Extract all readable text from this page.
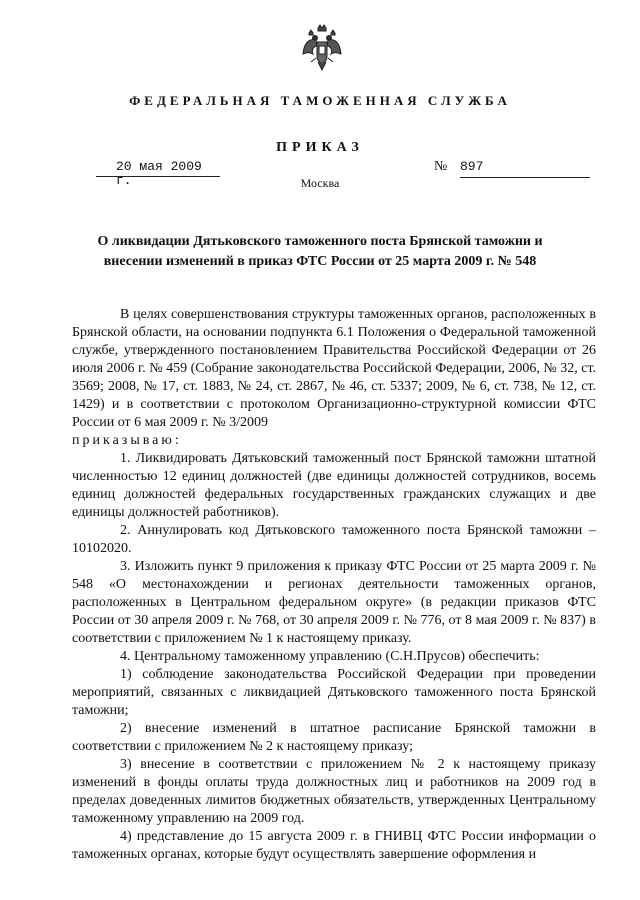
ФЕДЕРАЛЬНАЯ ТАМОЖЕННАЯ СЛУЖБА
ПРИКАЗ
20 мая 2009 г.
№ 897
Москва
О ликвидации Дятьковского таможенного поста Брянской таможни и внесении изменений в приказ ФТС России от 25 марта 2009 г. № 548

В целях совершенствования структуры таможенных органов, расположенных в Брянской области, на основании подпункта 6.1 Положения о Федеральной таможенной службе, утвержденного постановлением Правительства Российской Федерации от 26 июля 2006 г. № 459 (Собрание законодательства Российской Федерации, 2006, № 32, ст. 3569; 2008, № 17, ст. 1883, № 24, ст. 2867, № 46, ст. 5337; 2009, № 6, ст. 738, № 12, ст. 1429) и в соответствии с протоколом Организационно-структурной комиссии ФТС России от 6 мая 2009 г. № 3/2009

приказываю:

1. Ликвидировать Дятьковский таможенный пост Брянской таможни штатной численностью 12 единиц должностей (две единицы должностей сотрудников, восемь единиц должностей федеральных государственных гражданских служащих и две единицы должностей работников).

2. Аннулировать код Дятьковского таможенного поста Брянской таможни – 10102020.

3. Изложить пункт 9 приложения к приказу ФТС России от 25 марта 2009 г. № 548 «О местонахождении и регионах деятельности таможенных органов, расположенных в Центральном федеральном округе» (в редакции приказов ФТС России от 30 апреля 2009 г. № 768, от 30 апреля 2009 г. № 776, от 8 мая 2009 г. № 837) в соответствии с приложением № 1 к настоящему приказу.

4. Центральному таможенному управлению (С.Н.Прусов) обеспечить:

1) соблюдение законодательства Российской Федерации при проведении мероприятий, связанных с ликвидацией Дятьковского таможенного поста Брянской таможни;

2) внесение изменений в штатное расписание Брянской таможни в соответствии с приложением № 2 к настоящему приказу;

3) внесение в соответствии с приложением № 2 к настоящему приказу изменений в фонды оплаты труда должностных лиц и работников на 2009 год в пределах доведенных лимитов бюджетных обязательств, утвержденных Центральному таможенному управлению на 2009 год.

4) представление до 15 августа 2009 г. в ГНИВЦ ФТС России информации о таможенных органах, которые будут осуществлять завершение оформления и
